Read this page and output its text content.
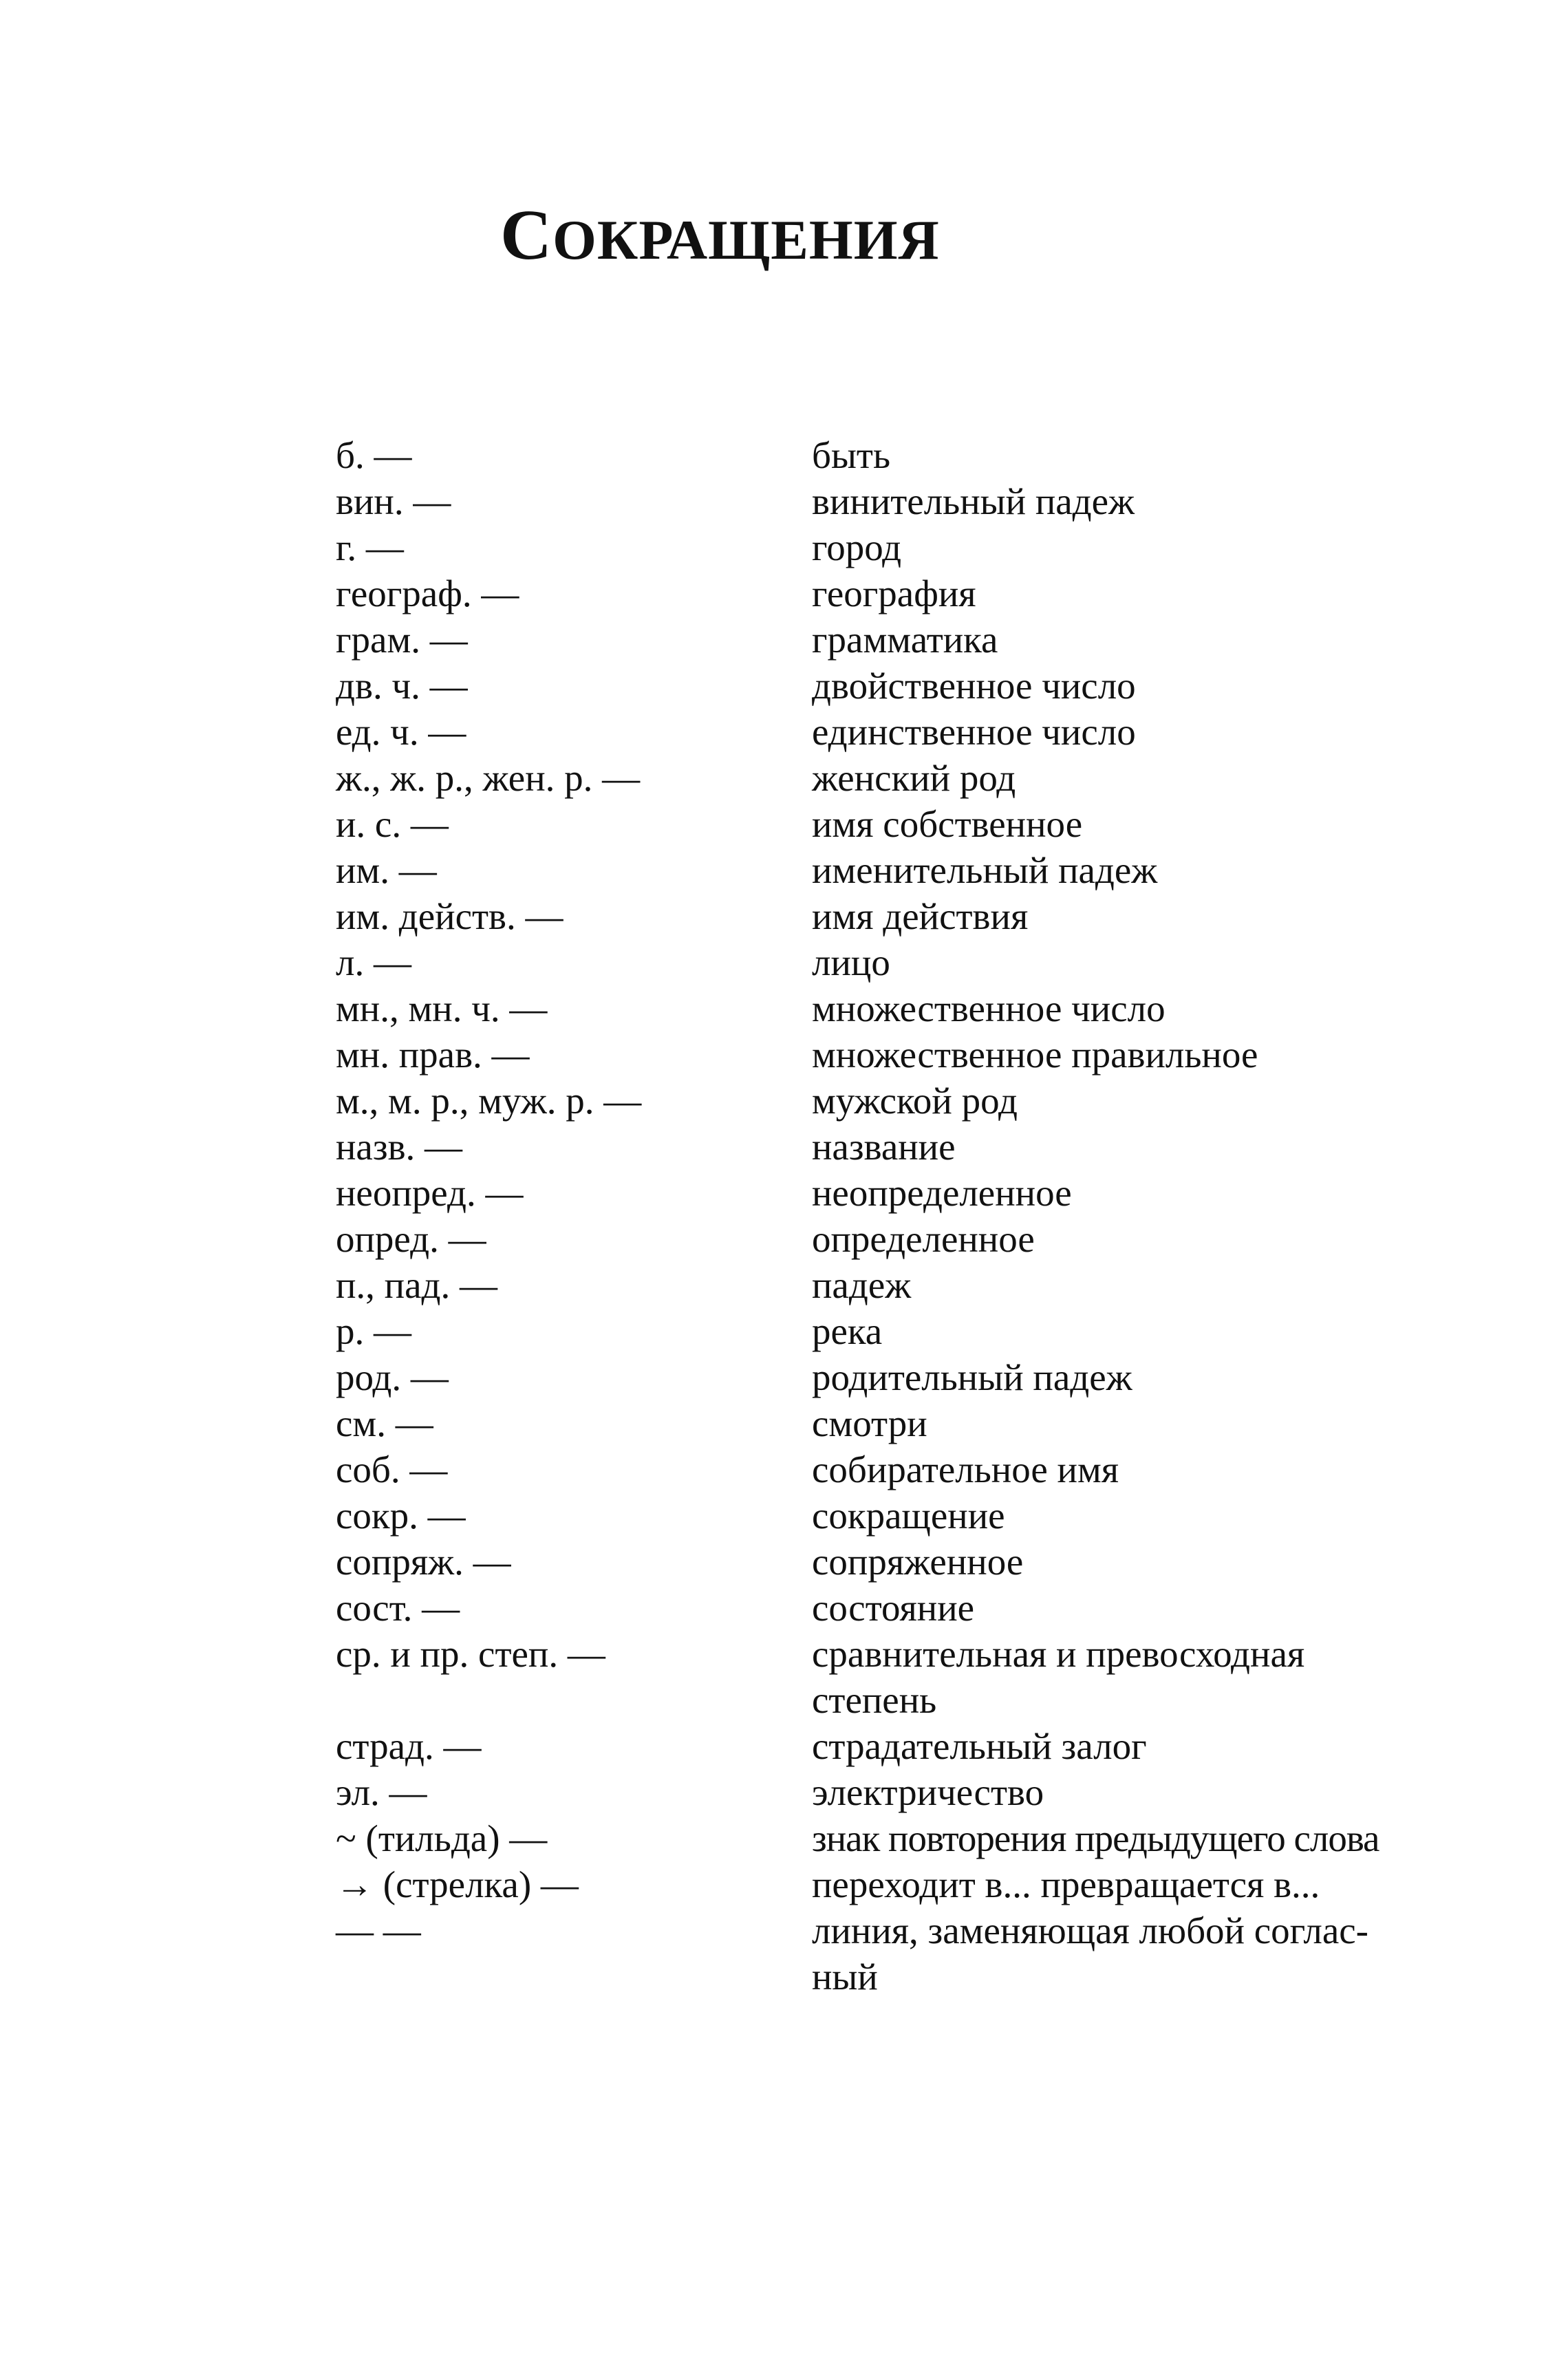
СОКРАЩЕНИЯ
б. —	быть
вин. —	винительный падеж
г. —	город
географ. —	география
грам. —	грамматика
дв. ч. —	двойственное число
ед. ч. —	единственное число
ж., ж. р., жен. р. —	женский род
и. с. —	имя собственное
им. —	именительный падеж
им. действ. —	имя действия
л. —	лицо
мн., мн. ч. —	множественное число
мн. прав. —	множественное правильное
м., м. р., муж. р. —	мужской род
назв. —	название
неопред. —	неопределенное
опред. —	определенное
п., пад. —	падеж
р. —	река
род. —	родительный падеж
см. —	смотри
соб. —	собирательное имя
сокр. —	сокращение
сопряж. —	сопряженное
сост. —	состояние
ср. и пр. степ. —	сравнительная и превосходная
степень
страд. —	страдательный залог
эл. —	электричество
~ (тильда) —	знак повторения предыдущего слова
→ (стрелка) —	переходит в... превращается в...
— —	линия, заменяющая любой соглас-
ный
